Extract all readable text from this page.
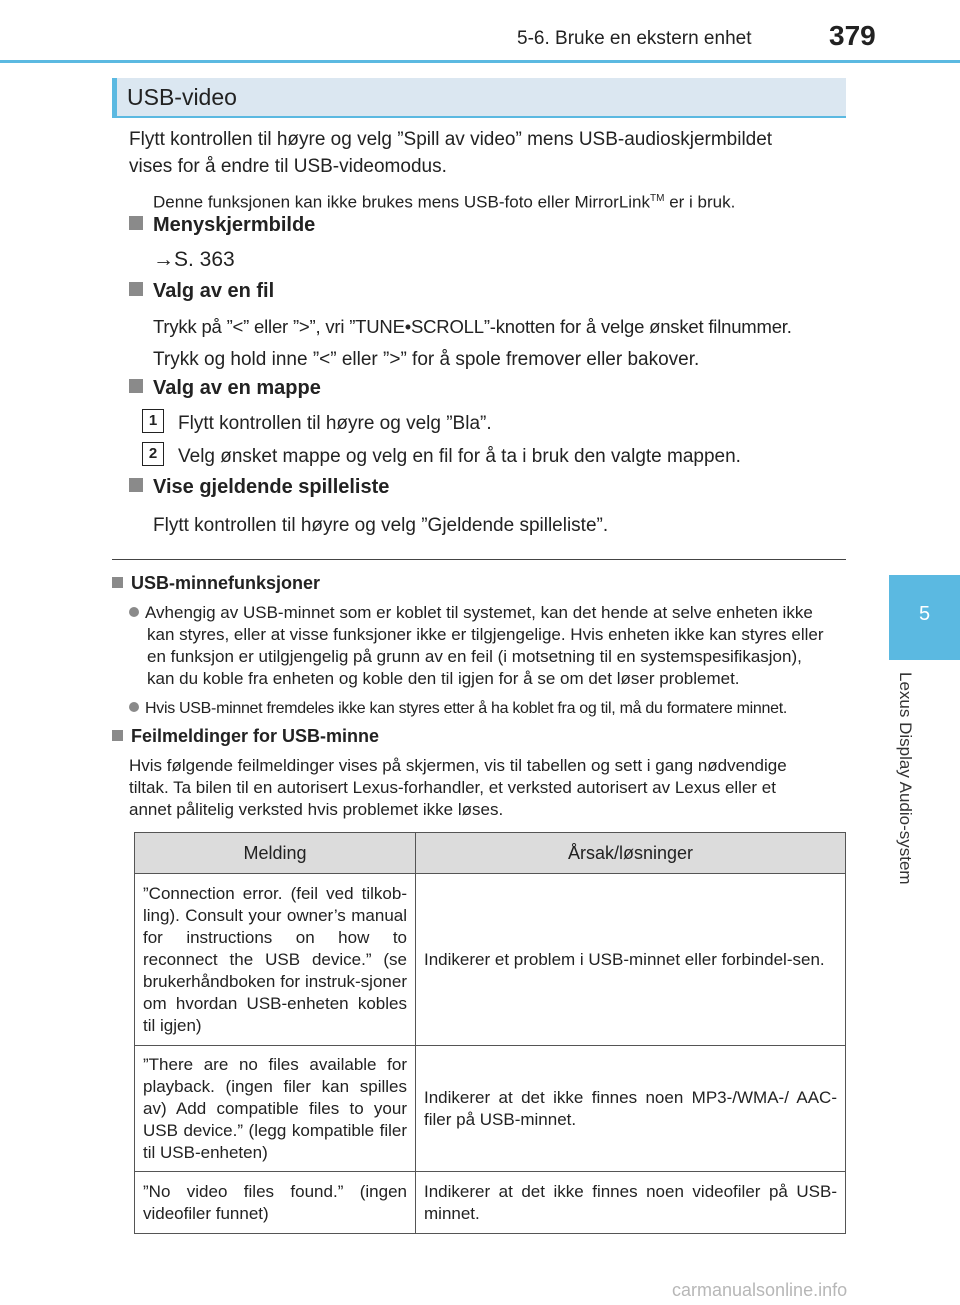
5-6. Bruke en ekstern enhet	379
5
Lexus Display Audio-system
USB-video
Flytt kontrollen til høyre og velg ”Spill av video” mens USB-audioskjermbildet
vises for å endre til USB-videomodus.
Denne funksjonen kan ikke brukes mens USB-foto eller MirrorLink™ er i bruk.
Menyskjermbilde
→S. 363
Valg av en fil
Trykk på ”<” eller ”>”, vri ”TUNE•SCROLL”-knotten for å velge ønsket filnummer.
Trykk og hold inne ”<” eller ”>” for å spole fremover eller bakover.
Valg av en mappe
1	Flytt kontrollen til høyre og velg ”Bla”.
2	Velg ønsket mappe og velg en fil for å ta i bruk den valgte mappen.
Vise gjeldende spilleliste
Flytt kontrollen til høyre og velg ”Gjeldende spilleliste”.
USB-minnefunksjoner
Avhengig av USB-minnet som er koblet til systemet, kan det hende at selve enheten ikke
kan styres, eller at visse funksjoner ikke er tilgjengelige. Hvis enheten ikke kan styres eller
en funksjon er utilgjengelig på grunn av en feil (i motsetning til en systemspesifikasjon),
kan du koble fra enheten og koble den til igjen for å se om det løser problemet.
Hvis USB-minnet fremdeles ikke kan styres etter å ha koblet fra og til, må du formatere minnet.
Feilmeldinger for USB-minne
Hvis følgende feilmeldinger vises på skjermen, vis til tabellen og sett i gang nødvendige
tiltak. Ta bilen til en autorisert Lexus-forhandler, et verksted autorisert av Lexus eller et
annet pålitelig verksted hvis problemet ikke løses.
Melding	Årsak/løsninger
”Connection error. (feil ved tilkob-ling). Consult your owner’s manual for instructions on how to reconnect the USB device.” (se brukerhåndboken for instruk-sjoner om hvordan USB-enheten kobles til igjen)	Indikerer et problem i USB-minnet eller forbindel-sen.
”There are no files available for playback. (ingen filer kan spilles av) Add compatible files to your USB device.” (legg kompatible filer til USB-enheten)	Indikerer at det ikke finnes noen MP3-/WMA-/ AAC-filer på USB-minnet.
”No video files found.” (ingen videofiler funnet)	Indikerer at det ikke finnes noen videofiler på USB-minnet.
carmanualsonline.info
